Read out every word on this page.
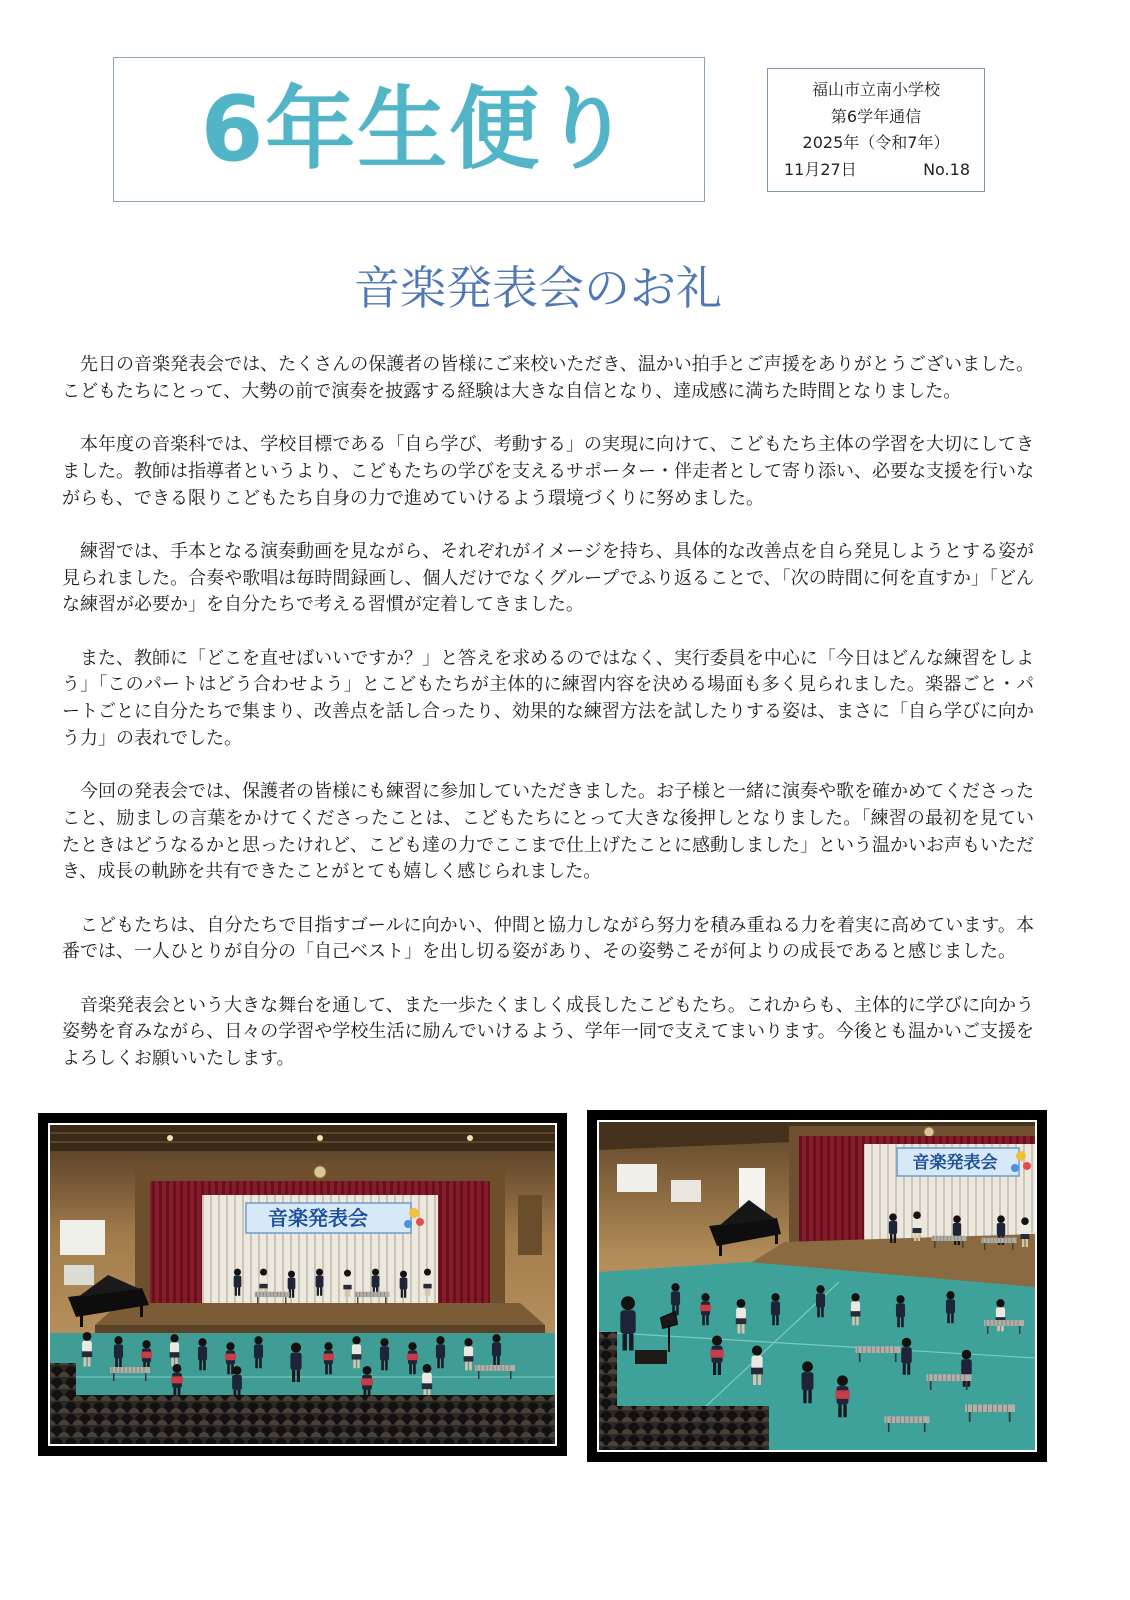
6年生便り	福山市立南小学校
第6学年通信
2025年（令和7年）
11月27日	No.18
音楽発表会のお礼

先日の音楽発表会では、たくさんの保護者の皆様にご来校いただき、温かい拍手とご声援をありがとうございました。こどもたちにとって、大勢の前で演奏を披露する経験は大きな自信となり、達成感に満ちた時間となりました。

本年度の音楽科では、学校目標である「自ら学び、考動する」の実現に向けて、こどもたち主体の学習を大切にしてきました。教師は指導者というより、こどもたちの学びを支えるサポーター・伴走者として寄り添い、必要な支援を行いながらも、できる限りこどもたち自身の力で進めていけるよう環境づくりに努めました。

練習では、手本となる演奏動画を見ながら、それぞれがイメージを持ち、具体的な改善点を自ら発見しようとする姿が見られました。合奏や歌唱は毎時間録画し、個人だけでなくグループでふり返ることで、「次の時間に何を直すか」「どんな練習が必要か」を自分たちで考える習慣が定着してきました。

また、教師に「どこを直せばいいですか？」と答えを求めるのではなく、実行委員を中心に「今日はどんな練習をしよう」「このパートはどう合わせよう」とこどもたちが主体的に練習内容を決める場面も多く見られました。楽器ごと・パートごとに自分たちで集まり、改善点を話し合ったり、効果的な練習方法を試したりする姿は、まさに「自ら学びに向かう力」の表れでした。

今回の発表会では、保護者の皆様にも練習に参加していただきました。お子様と一緒に演奏や歌を確かめてくださったこと、励ましの言葉をかけてくださったことは、こどもたちにとって大きな後押しとなりました。「練習の最初を見ていたときはどうなるかと思ったけれど、こども達の力でここまで仕上げたことに感動しました」という温かいお声もいただき、成長の軌跡を共有できたことがとても嬉しく感じられました。

こどもたちは、自分たちで目指すゴールに向かい、仲間と協力しながら努力を積み重ねる力を着実に高めています。本番では、一人ひとりが自分の「自己ベスト」を出し切る姿があり、その姿勢こそが何よりの成長であると感じました。

音楽発表会という大きな舞台を通して、また一歩たくましく成長したこどもたち。これからも、主体的に学びに向かう姿勢を育みながら、日々の学習や学校生活に励んでいけるよう、学年一同で支えてまいります。今後とも温かいご支援をよろしくお願いいたします。

音楽発表会
音楽発表会
